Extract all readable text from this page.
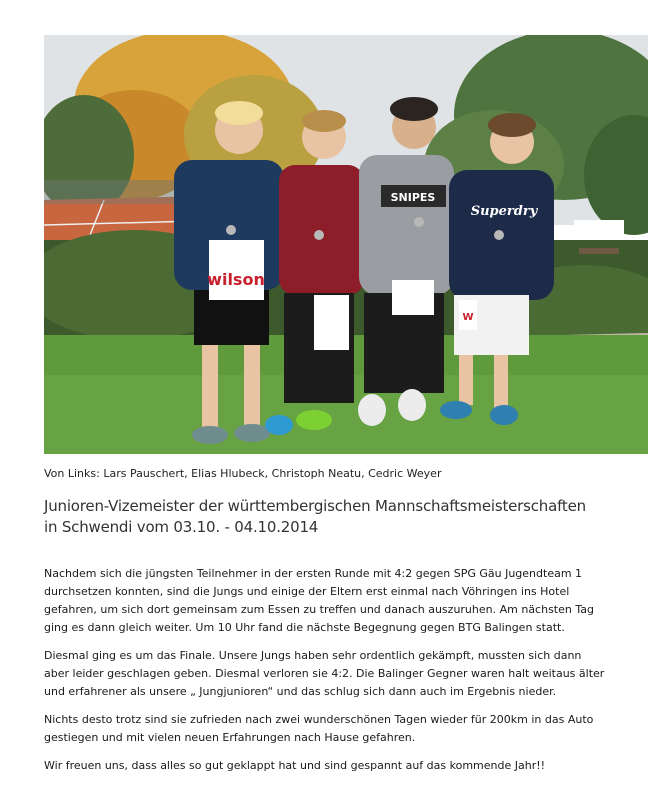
wilson
SNIPES
Superdry
W
Von Links: Lars Pauschert, Elias Hlubeck, Christoph Neatu, Cedric Weyer
Junioren-Vizemeister der württembergischen Mannschaftsmeisterschaften
in Schwendi vom 03.10. - 04.10.2014

Nachdem sich die jüngsten Teilnehmer in der ersten Runde mit 4:2 gegen SPG Gäu Jugendteam 1
durchsetzen konnten, sind die Jungs und einige der Eltern erst einmal nach Vöhringen ins Hotel
gefahren, um sich dort gemeinsam zum Essen zu treffen und danach auszuruhen. Am nächsten Tag
ging es dann gleich weiter. Um 10 Uhr fand die nächste Begegnung gegen BTG Balingen statt.

Diesmal ging es um das Finale. Unsere Jungs haben sehr ordentlich gekämpft, mussten sich dann
aber leider geschlagen geben. Diesmal verloren sie 4:2. Die Balinger Gegner waren halt weitaus älter
und erfahrener als unsere „ Jungjunioren“ und das schlug sich dann auch im Ergebnis nieder.

Nichts desto trotz sind sie zufrieden nach zwei wunderschönen Tagen wieder für 200km in das Auto
gestiegen und mit vielen neuen Erfahrungen nach Hause gefahren.

Wir freuen uns, dass alles so gut geklappt hat und sind gespannt auf das kommende Jahr!!
